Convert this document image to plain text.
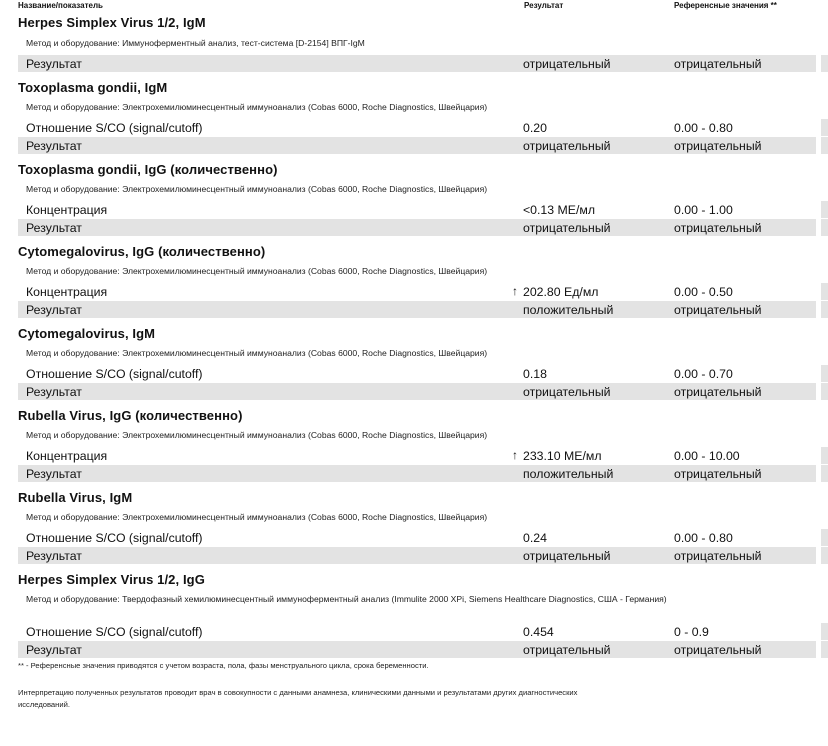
Название/показатель	Результат	Референсные значения **
Herpes Simplex Virus 1/2, IgM
Метод и оборудование: Иммуноферментный анализ, тест-система [D-2154] ВПГ-IgM
Результат	отрицательный	отрицательный
Toxoplasma gondii, IgM
Метод и оборудование: Электрохемилюминесцентный иммуноанализ (Cobas 6000, Roche Diagnostics, Швейцария)
Отношение S/CO (signal/cutoff)	0.20	0.00 - 0.80
Результат	отрицательный	отрицательный
Toxoplasma gondii, IgG (количественно)
Метод и оборудование: Электрохемилюминесцентный иммуноанализ (Cobas 6000, Roche Diagnostics, Швейцария)
Концентрация	<0.13 МЕ/мл	0.00 - 1.00
Результат	отрицательный	отрицательный
Cytomegalovirus, IgG (количественно)
Метод и оборудование: Электрохемилюминесцентный иммуноанализ (Cobas 6000, Roche Diagnostics, Швейцария)
Концентрация	↑ 202.80 Ед/мл	0.00 - 0.50
Результат	положительный	отрицательный
Cytomegalovirus, IgM
Метод и оборудование: Электрохемилюминесцентный иммуноанализ (Cobas 6000, Roche Diagnostics, Швейцария)
Отношение S/CO (signal/cutoff)	0.18	0.00 - 0.70
Результат	отрицательный	отрицательный
Rubella Virus, IgG (количественно)
Метод и оборудование: Электрохемилюминесцентный иммуноанализ (Cobas 6000, Roche Diagnostics, Швейцария)
Концентрация	↑ 233.10 МЕ/мл	0.00 - 10.00
Результат	положительный	отрицательный
Rubella Virus, IgM
Метод и оборудование: Электрохемилюминесцентный иммуноанализ (Cobas 6000, Roche Diagnostics, Швейцария)
Отношение S/CO (signal/cutoff)	0.24	0.00 - 0.80
Результат	отрицательный	отрицательный
Herpes Simplex Virus 1/2, IgG
Метод и оборудование: Твердофазный хемилюминесцентный иммуноферментный анализ (Immulite 2000 XPi, Siemens Healthcare Diagnostics, США - Германия)
Отношение S/CO (signal/cutoff)	0.454	0 - 0.9
Результат	отрицательный	отрицательный
** - Референсные значения приводятся с учетом возраста, пола, фазы менструального цикла, срока беременности.
Интерпретацию полученных результатов проводит врач в совокупности с данными анамнеза, клиническими данными и результатами других диагностических исследований.
